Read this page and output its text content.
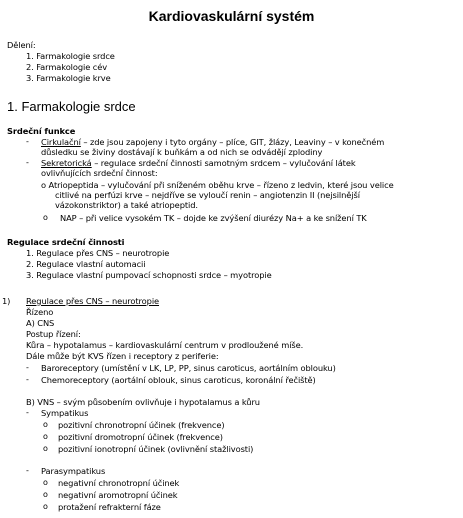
Kardiovaskulární systém
Dělení:
1. Farmakologie srdce
2. Farmakologie cév
3. Farmakologie krve
1. Farmakologie srdce
Srdeční funkce
- Cirkulační – zde jsou zapojeny i tyto orgány – plíce, GIT, žlázy, Leaviny – v konečném
důsledku se živiny dostávají k buňkám a od nich se odvádějí zplodiny
- Sekretorická – regulace srdeční činnosti samotným srdcem – vylučování látek
ovlivňujících srdeční činnost:
o Atriopeptida – vylučování při sníženém oběhu krve – řízeno z ledvin, které jsou velice
citlivé na perfúzi krve – nejdříve se vyloučí renin – angiotenzin II (nejsilnější
vázokonstriktor) a také atriopeptid.
o NAP – při velice vysokém TK – dojde ke zvýšení diurézy Na+ a ke snížení TK
Regulace srdeční činnosti
1. Regulace přes CNS – neurotropie
2. Regulace vlastní automacii
3. Regulace vlastní pumpovací schopnosti srdce – myotropie
1) Regulace přes CNS – neurotropie
Řízeno
A) CNS
Postup řízení:
Kůra – hypotalamus – kardiovaskulární centrum v prodloužené míše.
Dále může být KVS řízen i receptory z periferie:
- Baroreceptory (umístění v LK, LP, PP, sinus caroticus, aortálním oblouku)
- Chemoreceptory (aortální oblouk, sinus caroticus, koronální řečiště)
B) VNS – svým působením ovlivňuje i hypotalamus a kůru
- Sympatikus
o pozitivní chronotropní účinek (frekvence)
o pozitivní dromotropní účinek (frekvence)
o pozitivní ionotropní účinek (ovlivnění stažlivosti)
- Parasympatikus
o negativní chronotropní účinek
o negativní aromotropní účinek
o protažení refrakterní fáze
